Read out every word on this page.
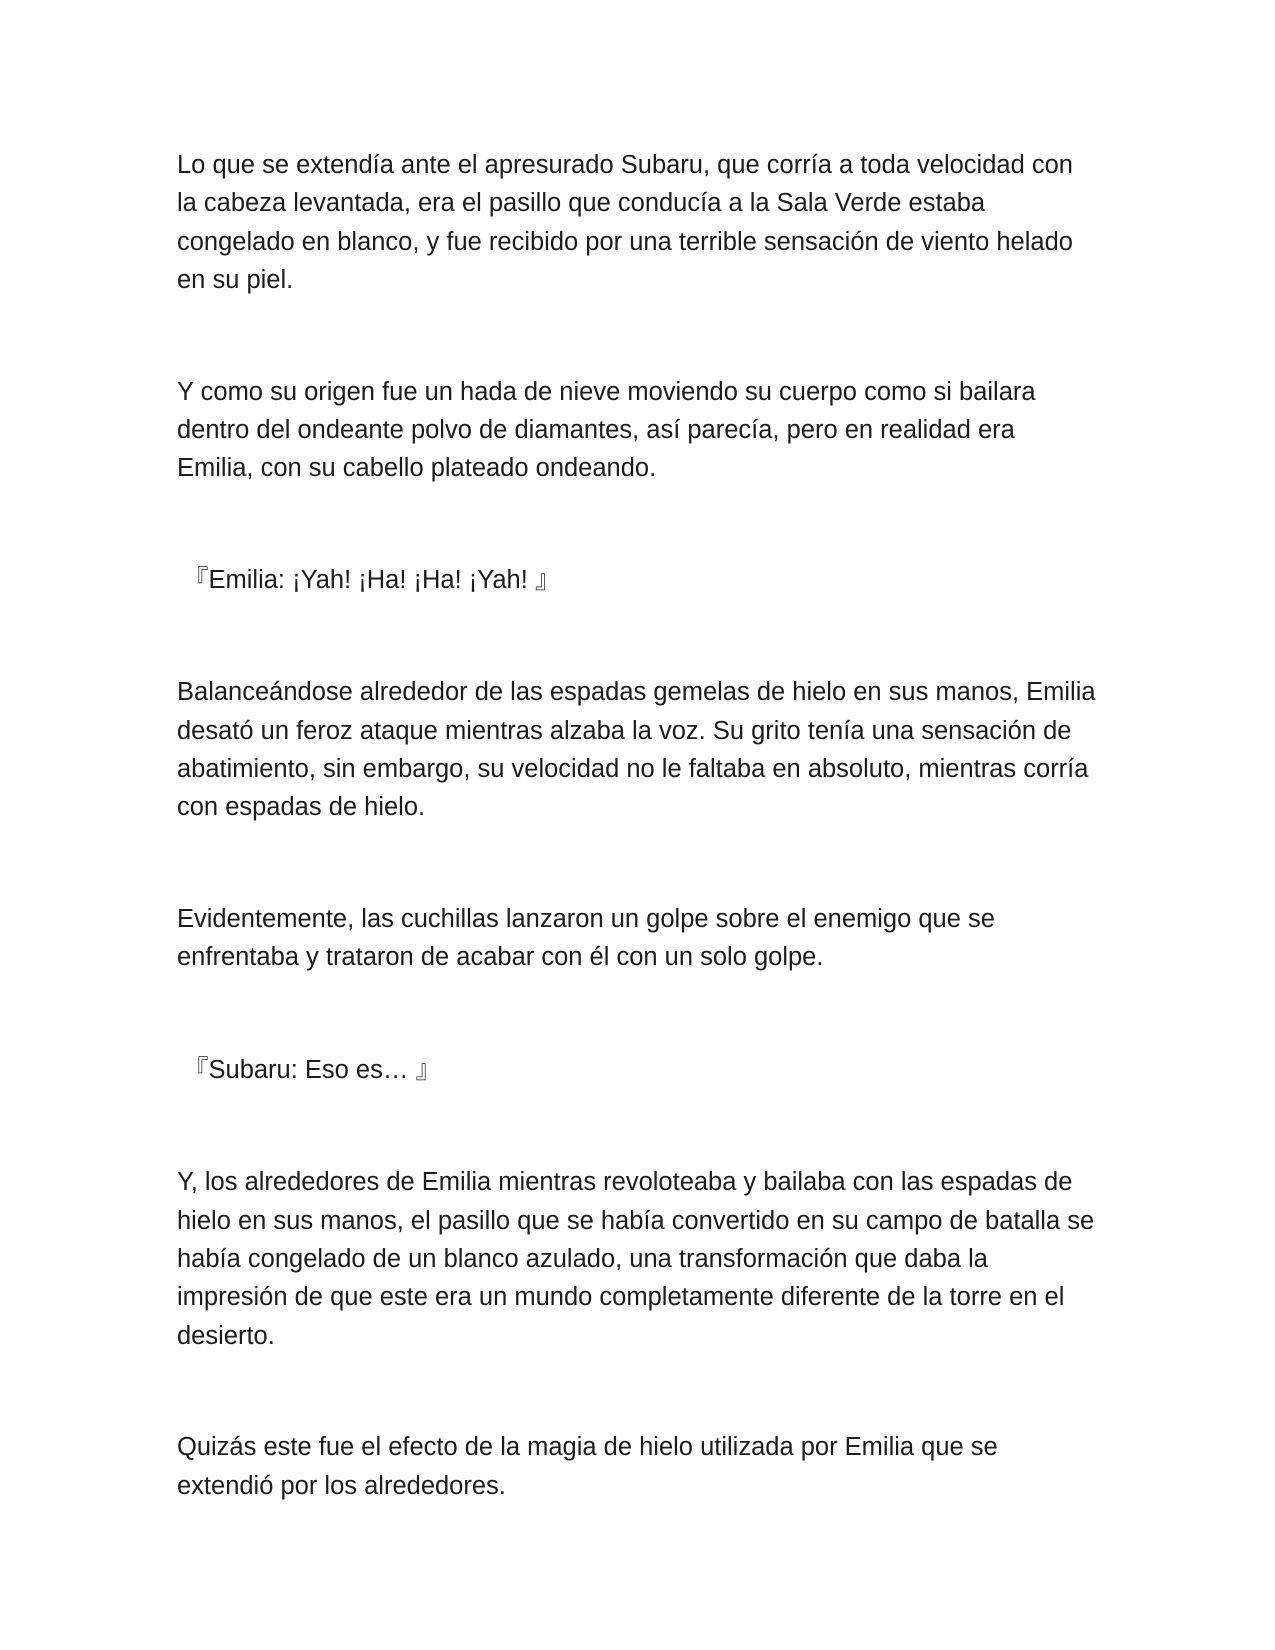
Lo que se extendía ante el apresurado Subaru, que corría a toda velocidad con la cabeza levantada, era el pasillo que conducía a la Sala Verde estaba congelado en blanco, y fue recibido por una terrible sensación de viento helado en su piel.

Y como su origen fue un hada de nieve moviendo su cuerpo como si bailara dentro del ondeante polvo de diamantes, así parecía, pero en realidad era Emilia, con su cabello plateado ondeando.

『Emilia: ¡Yah! ¡Ha! ¡Ha! ¡Yah! 』

Balanceándose alrededor de las espadas gemelas de hielo en sus manos, Emilia desató un feroz ataque mientras alzaba la voz. Su grito tenía una sensación de abatimiento, sin embargo, su velocidad no le faltaba en absoluto, mientras corría con espadas de hielo.

Evidentemente, las cuchillas lanzaron un golpe sobre el enemigo que se enfrentaba y trataron de acabar con él con un solo golpe.

『Subaru: Eso es… 』

Y, los alrededores de Emilia mientras revoloteaba y bailaba con las espadas de hielo en sus manos, el pasillo que se había convertido en su campo de batalla se había congelado de un blanco azulado, una transformación que daba la impresión de que este era un mundo completamente diferente de la torre en el desierto.

Quizás este fue el efecto de la magia de hielo utilizada por Emilia que se extendió por los alrededores.
